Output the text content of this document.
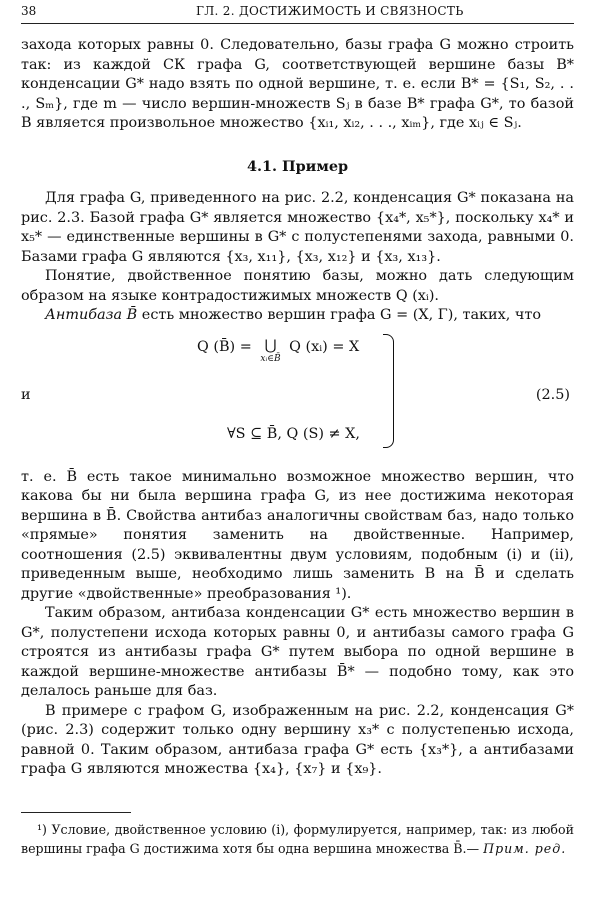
38	ГЛ. 2. ДОСТИЖИМОСТЬ И СВЯЗНОСТЬ

захода которых равны 0. Следовательно, базы графа G можно строить так: из каждой СК графа G, соответствующей вершине базы B* конденсации G* надо взять по одной вершине, т. е. если B* = {S₁, S₂, . . ., Sₘ}, где m — число вершин-множеств Sⱼ в базе B* графа G*, то базой B является произвольное множество {xᵢ₁, xᵢ₂, . . ., xᵢₘ}, где xᵢⱼ ∈ Sⱼ.

4.1. Пример

Для графа G, приведенного на рис. 2.2, конденсация G* показана на рис. 2.3. Базой графа G* является множество {x₄*, x₅*}, поскольку x₄* и x₅* — единственные вершины в G* с полустепенями захода, равными 0. Базами графа G являются {x₃, x₁₁}, {x₃, x₁₂} и {x₃, x₁₃}.

Понятие, двойственное понятию базы, можно дать следующим образом на языке контрадостижимых множеств Q (xᵢ).

Антибаза B̄ есть множество вершин графа G = (X, Γ), таких, что

Q (B̄) = ⋃
xᵢ∈B̄
Q (xᵢ) = X
и
∀S ⊆ B̄, Q (S) ≠ X,
(2.5)

т. е. B̄ есть такое минимально возможное множество вершин, что какова бы ни была вершина графа G, из нее достижима некоторая вершина в B̄. Свойства антибаз аналогичны свойствам баз, надо только «прямые» понятия заменить на двойственные. Например, соотношения (2.5) эквивалентны двум условиям, подобным (i) и (ii), приведенным выше, необходимо лишь заменить B на B̄ и сделать другие «двойственные» преобразования ¹).

Таким образом, антибаза конденсации G* есть множество вершин в G*, полустепени исхода которых равны 0, и антибазы самого графа G строятся из антибазы графа G* путем выбора по одной вершине в каждой вершине-множестве антибазы B̄* — подобно тому, как это делалось раньше для баз.

В примере с графом G, изображенным на рис. 2.2, конденсация G* (рис. 2.3) содержит только одну вершину x₃* с полустепенью исхода, равной 0. Таким образом, антибаза графа G* есть {x₃*}, а антибазами графа G являются множества {x₄}, {x₇} и {x₉}.

¹) Условие, двойственное условию (i), формулируется, например, так: из любой вершины графа G достижима хотя бы одна вершина множества B̄.— Прим. ред.
